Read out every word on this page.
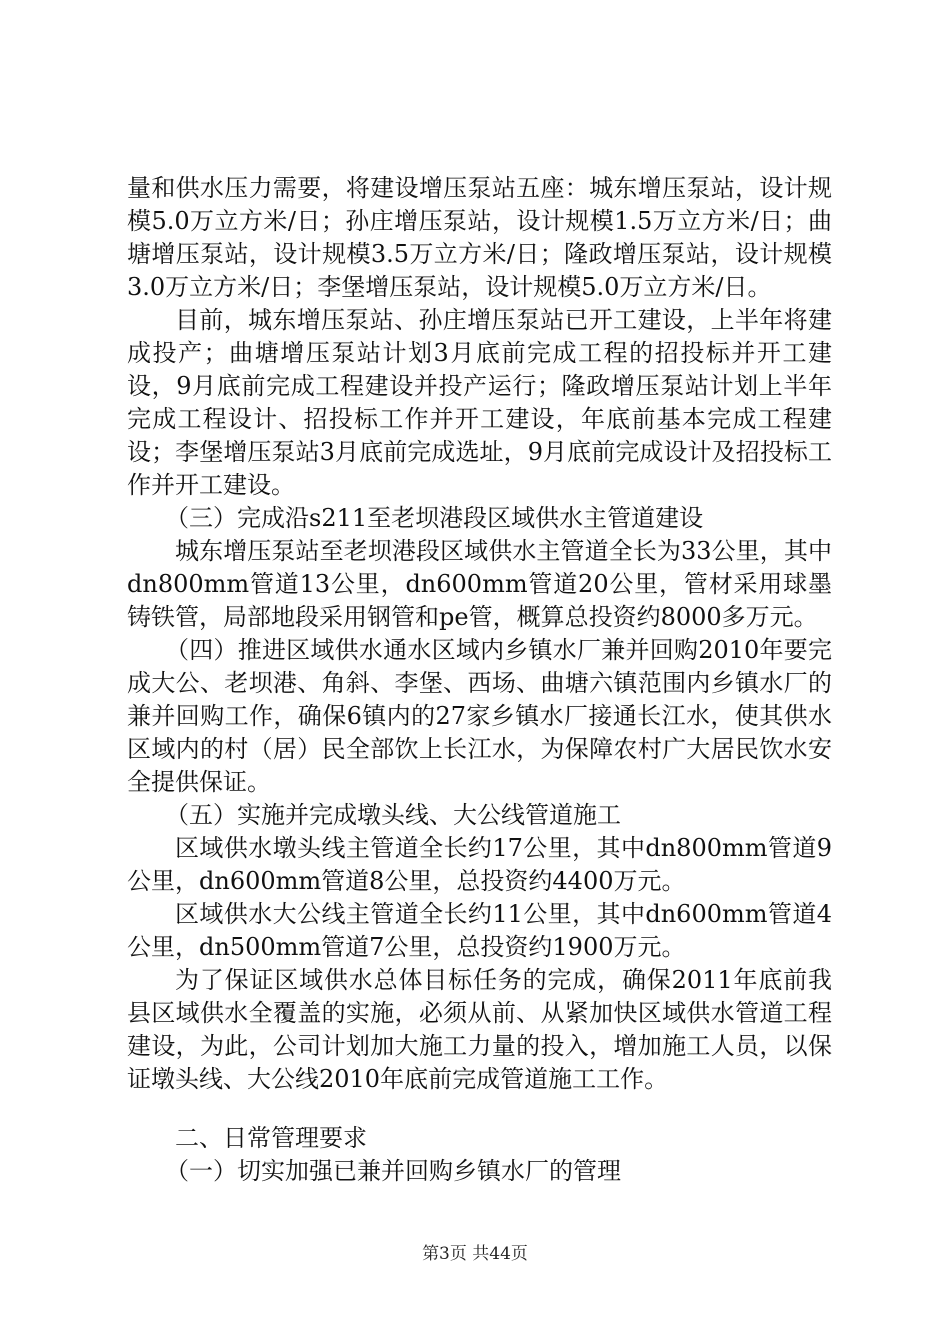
量和供水压力需要，将建设增压泵站五座：城东增压泵站，设计规模5.0万立方米/日；孙庄增压泵站，设计规模1.5万立方米/日；曲塘增压泵站，设计规模3.5万立方米/日；隆政增压泵站，设计规模3.0万立方米/日；李堡增压泵站，设计规模5.0万立方米/日。

目前，城东增压泵站、孙庄增压泵站已开工建设，上半年将建成投产；曲塘增压泵站计划3月底前完成工程的招投标并开工建设，9月底前完成工程建设并投产运行；隆政增压泵站计划上半年完成工程设计、招投标工作并开工建设，年底前基本完成工程建设；李堡增压泵站3月底前完成选址，9月底前完成设计及招投标工作并开工建设。

（三）完成沿s211至老坝港段区域供水主管道建设

城东增压泵站至老坝港段区域供水主管道全长为33公里，其中dn800mm管道13公里，dn600mm管道20公里，管材采用球墨铸铁管，局部地段采用钢管和pe管，概算总投资约8000多万元。

（四）推进区域供水通水区域内乡镇水厂兼并回购2010年要完成大公、老坝港、角斜、李堡、西场、曲塘六镇范围内乡镇水厂的兼并回购工作，确保6镇内的27家乡镇水厂接通长江水，使其供水区域内的村（居）民全部饮上长江水，为保障农村广大居民饮水安全提供保证。

（五）实施并完成墩头线、大公线管道施工

区域供水墩头线主管道全长约17公里，其中dn800mm管道9公里，dn600mm管道8公里，总投资约4400万元。

区域供水大公线主管道全长约11公里，其中dn600mm管道4公里，dn500mm管道7公里，总投资约1900万元。

为了保证区域供水总体目标任务的完成，确保2011年底前我县区域供水全覆盖的实施，必须从前、从紧加快区域供水管道工程建设，为此，公司计划加大施工力量的投入，增加施工人员，以保证墩头线、大公线2010年底前完成管道施工工作。

二、日常管理要求

（一）切实加强已兼并回购乡镇水厂的管理

第3页 共44页
